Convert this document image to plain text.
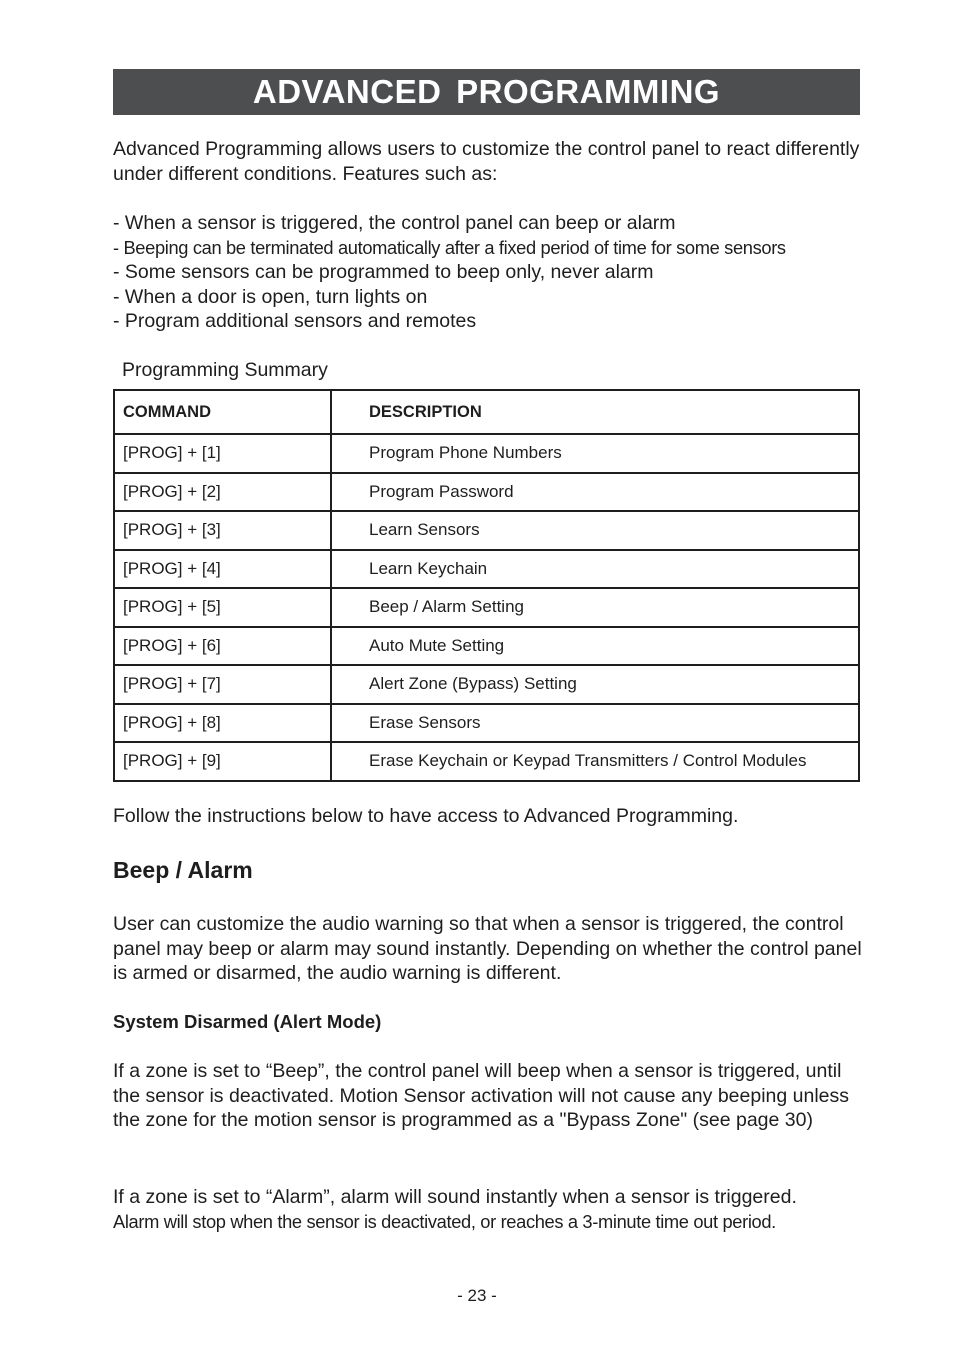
ADVANCED PROGRAMMING

Advanced Programming allows users to customize the control panel to react differently under different conditions. Features such as:

- When a sensor is triggered, the control panel can beep or alarm
- Beeping can be terminated automatically after a fixed period of time for some sensors
- Some sensors can be programmed to beep only, never alarm
- When a door is open, turn lights on
- Program additional sensors and remotes
Programming Summary
COMMAND	DESCRIPTION
[PROG] + [1]	Program Phone Numbers
[PROG] + [2]	Program Password
[PROG] + [3]	Learn Sensors
[PROG] + [4]	Learn Keychain
[PROG] + [5]	Beep / Alarm Setting
[PROG] + [6]	Auto Mute Setting
[PROG] + [7]	Alert Zone (Bypass) Setting
[PROG] + [8]	Erase Sensors
[PROG] + [9]	Erase Keychain or Keypad Transmitters / Control Modules
Follow the instructions below to have access to Advanced Programming.
Beep / Alarm

User can customize the audio warning so that when a sensor is triggered, the control panel may beep or alarm may sound instantly. Depending on whether the control panel is armed or disarmed, the audio warning is different.

System Disarmed (Alert Mode)

If a zone is set to “Beep”, the control panel will beep when a sensor is triggered, until the sensor is deactivated. Motion Sensor activation will not cause any beeping unless the zone for the motion sensor is programmed as a "Bypass Zone" (see page 30)

If a zone is set to “Alarm”, alarm will sound instantly when a sensor is triggered.
Alarm will stop when the sensor is deactivated, or reaches a 3-minute time out period.
- 23 -
